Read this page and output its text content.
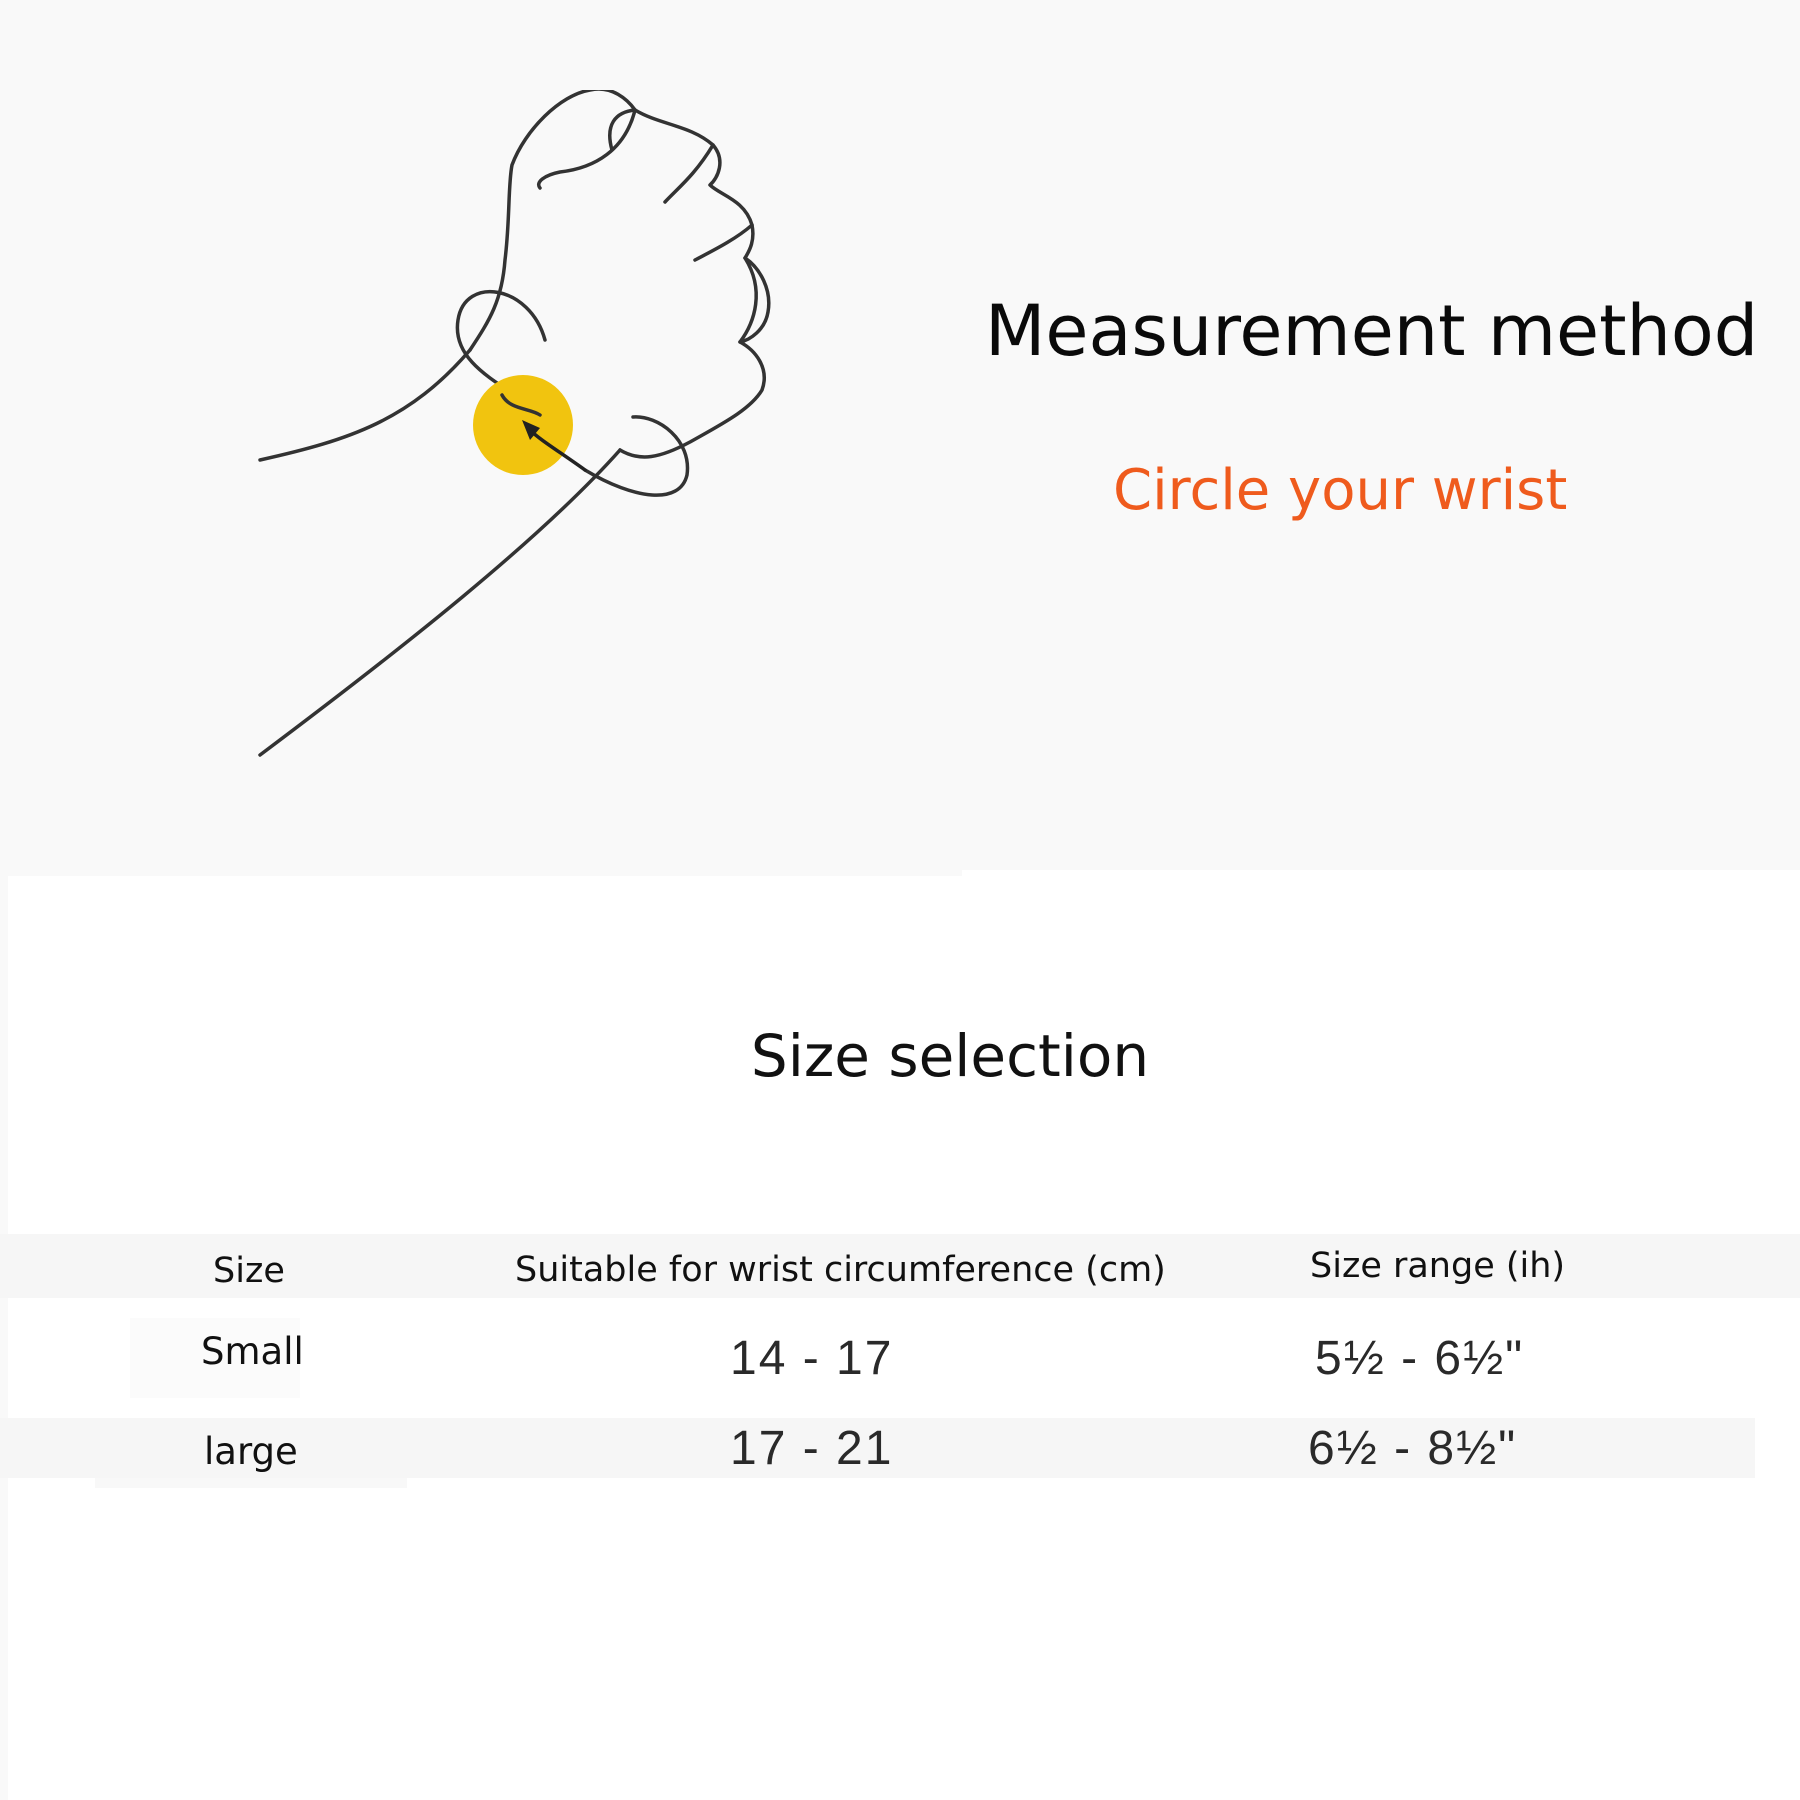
Measurement method
Circle your wrist
Size selection
Size	Suitable for wrist circumference (cm)	Size range (ih)
Small	14 - 17	5½ - 6½"
large	17 - 21	6½ - 8½"
